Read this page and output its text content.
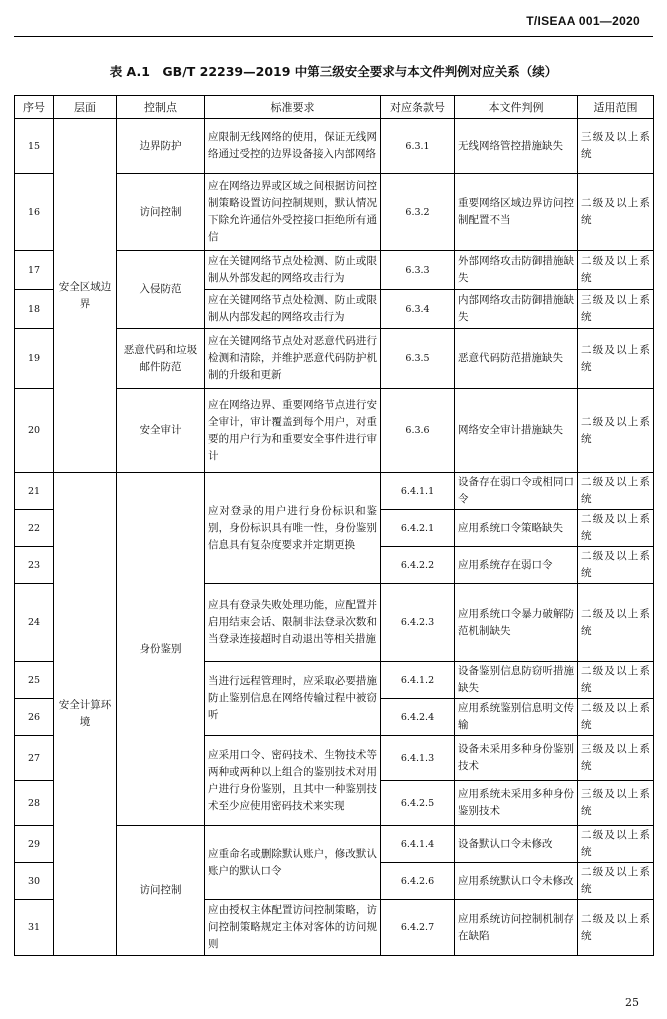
T/ISEAA 001—2020
表 A.1　GB/T 22239—2019 中第三级安全要求与本文件判例对应关系（续）
序号	层面	控制点	标准要求	对应条款号	本文件判例	适用范围
15	安全区域边界	边界防护	应限制无线网络的使用，保证无线网络通过受控的边界设备接入内部网络	6.3.1	无线网络管控措施缺失	三级及以上系统
16		访问控制	应在网络边界或区域之间根据访问控制策略设置访问控制规则，默认情况下除允许通信外受控接口拒绝所有通信	6.3.2	重要网络区域边界访问控制配置不当	二级及以上系统
17		入侵防范	应在关键网络节点处检测、防止或限制从外部发起的网络攻击行为	6.3.3	外部网络攻击防御措施缺失	二级及以上系统
18			应在关键网络节点处检测、防止或限制从内部发起的网络攻击行为	6.3.4	内部网络攻击防御措施缺失	三级及以上系统
19		恶意代码和垃圾邮件防范	应在关键网络节点处对恶意代码进行检测和清除，并维护恶意代码防护机制的升级和更新	6.3.5	恶意代码防范措施缺失	二级及以上系统
20		安全审计	应在网络边界、重要网络节点进行安全审计，审计覆盖到每个用户，对重要的用户行为和重要安全事件进行审计	6.3.6	网络安全审计措施缺失	二级及以上系统
21	安全计算环境	身份鉴别	应对登录的用户进行身份标识和鉴别，身份标识具有唯一性，身份鉴别信息具有复杂度要求并定期更换	6.4.1.1	设备存在弱口令或相同口令	二级及以上系统
22				6.4.2.1	应用系统口令策略缺失	二级及以上系统
23				6.4.2.2	应用系统存在弱口令	二级及以上系统
24			应具有登录失败处理功能，应配置并启用结束会话、限制非法登录次数和当登录连接超时自动退出等相关措施	6.4.2.3	应用系统口令暴力破解防范机制缺失	二级及以上系统
25			当进行远程管理时，应采取必要措施防止鉴别信息在网络传输过程中被窃听	6.4.1.2	设备鉴别信息防窃听措施缺失	二级及以上系统
26				6.4.2.4	应用系统鉴别信息明文传输	二级及以上系统
27			应采用口令、密码技术、生物技术等两种或两种以上组合的鉴别技术对用户进行身份鉴别，且其中一种鉴别技术至少应使用密码技术来实现	6.4.1.3	设备未采用多种身份鉴别技术	三级及以上系统
28				6.4.2.5	应用系统未采用多种身份鉴别技术	三级及以上系统
29		访问控制	应重命名或删除默认账户，修改默认账户的默认口令	6.4.1.4	设备默认口令未修改	二级及以上系统
30				6.4.2.6	应用系统默认口令未修改	二级及以上系统
31			应由授权主体配置访问控制策略，访问控制策略规定主体对客体的访问规则	6.4.2.7	应用系统访问控制机制存在缺陷	二级及以上系统
25
